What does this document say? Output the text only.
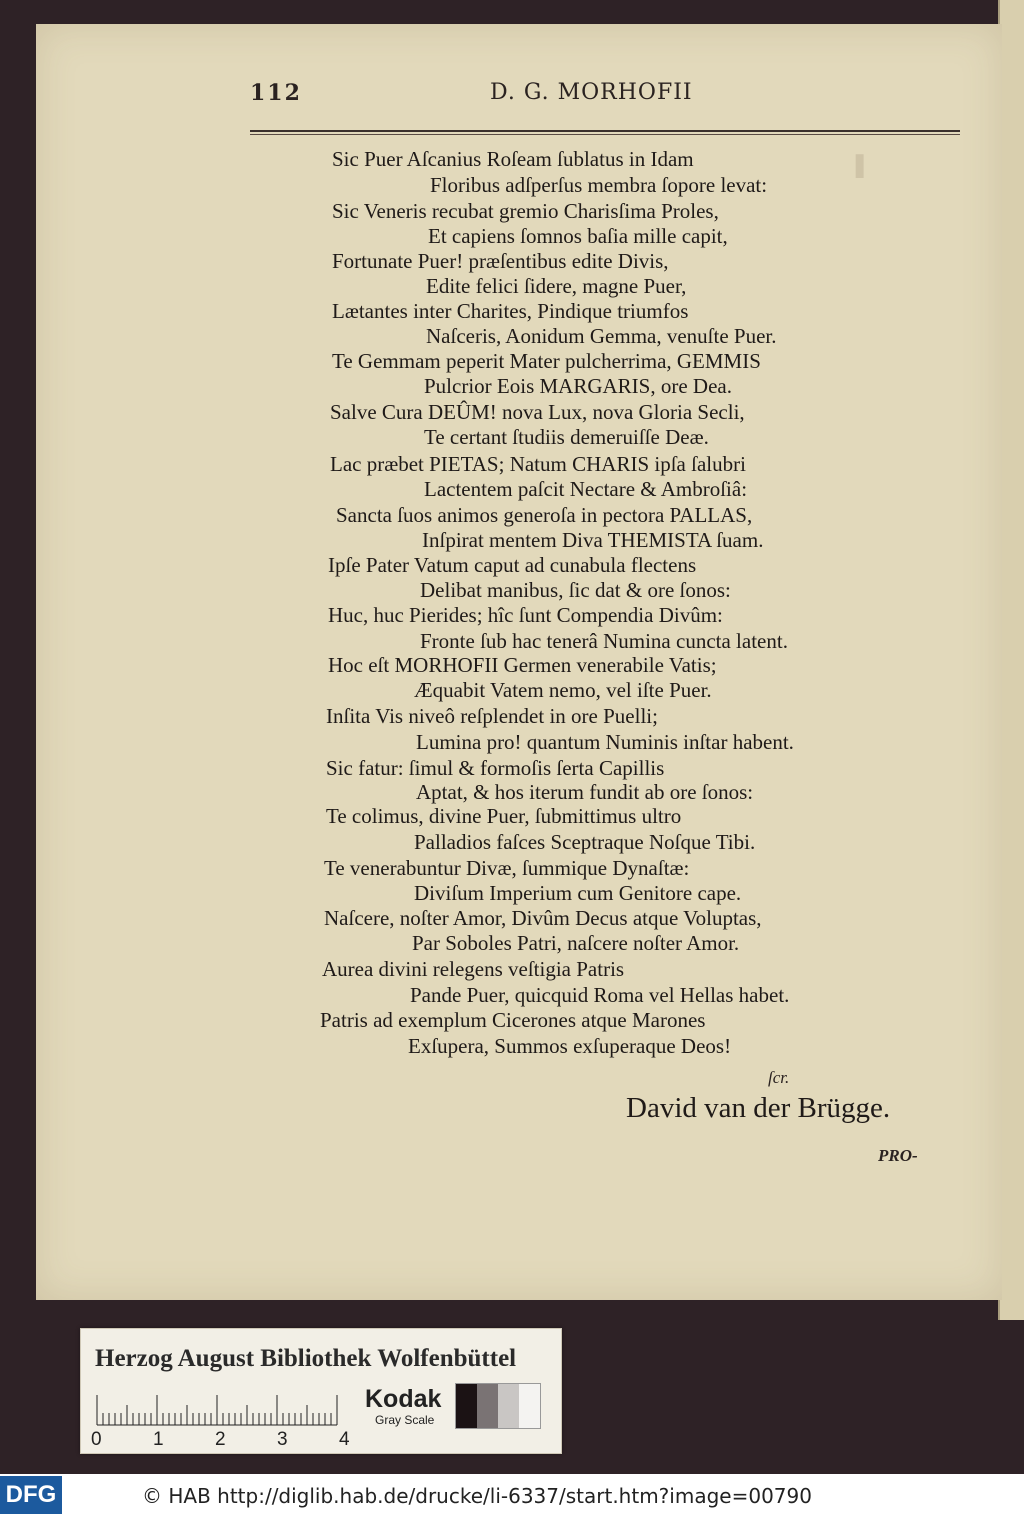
▌
112	D. G. MORHOFII
Sic Puer Aſcanius Roſeam ſublatus in Idam
Floribus adſperſus membra ſopore levat:
Sic Veneris recubat gremio Charisſima Proles,
Et capiens ſomnos baſia mille capit,
Fortunate Puer! præſentibus edite Divis,
Edite felici ſidere, magne Puer,
Lætantes inter Charites, Pindique triumfos
Naſceris, Aonidum Gemma, venuſte Puer.
Te Gemmam peperit Mater pulcherrima, GEMMIS
Pulcrior Eois MARGARIS, ore Dea.
Salve Cura DEÛM! nova Lux, nova Gloria Secli,
Te certant ſtudiis demeruiſſe Deæ.
Lac præbet PIETAS; Natum CHARIS ipſa ſalubri
Lactentem paſcit Nectare & Ambroſiâ:
Sancta ſuos animos generoſa in pectora PALLAS,
Inſpirat mentem Diva THEMISTA ſuam.
Ipſe Pater Vatum caput ad cunabula flectens
Delibat manibus, ſic dat & ore ſonos:
Huc, huc Pierides; hîc ſunt Compendia Divûm:
Fronte ſub hac tenerâ Numina cuncta latent.
Hoc eſt MORHOFII Germen venerabile Vatis;
Æquabit Vatem nemo, vel iſte Puer.
Inſita Vis niveô reſplendet in ore Puelli;
Lumina pro! quantum Numinis inſtar habent.
Sic fatur: ſimul & formoſis ſerta Capillis
Aptat, & hos iterum fundit ab ore ſonos:
Te colimus, divine Puer, ſubmittimus ultro
Palladios faſces Sceptraque Noſque Tibi.
Te venerabuntur Divæ, ſummique Dynaſtæ:
Diviſum Imperium cum Genitore cape.
Naſcere, noſter Amor, Divûm Decus atque Voluptas,
Par Soboles Patri, naſcere noſter Amor.
Aurea divini relegens veſtigia Patris
Pande Puer, quicquid Roma vel Hellas habet.
Patris ad exemplum Cicerones atque Marones
Exſupera, Summos exſuperaque Deos!
ſcr.
David van der Brügge.
PRO-
Herzog August Bibliothek Wolfenbüttel
0	1	2	3	4
Kodak
Gray Scale
DFG	© HAB http://diglib.hab.de/drucke/li-6337/start.htm?image=00790
